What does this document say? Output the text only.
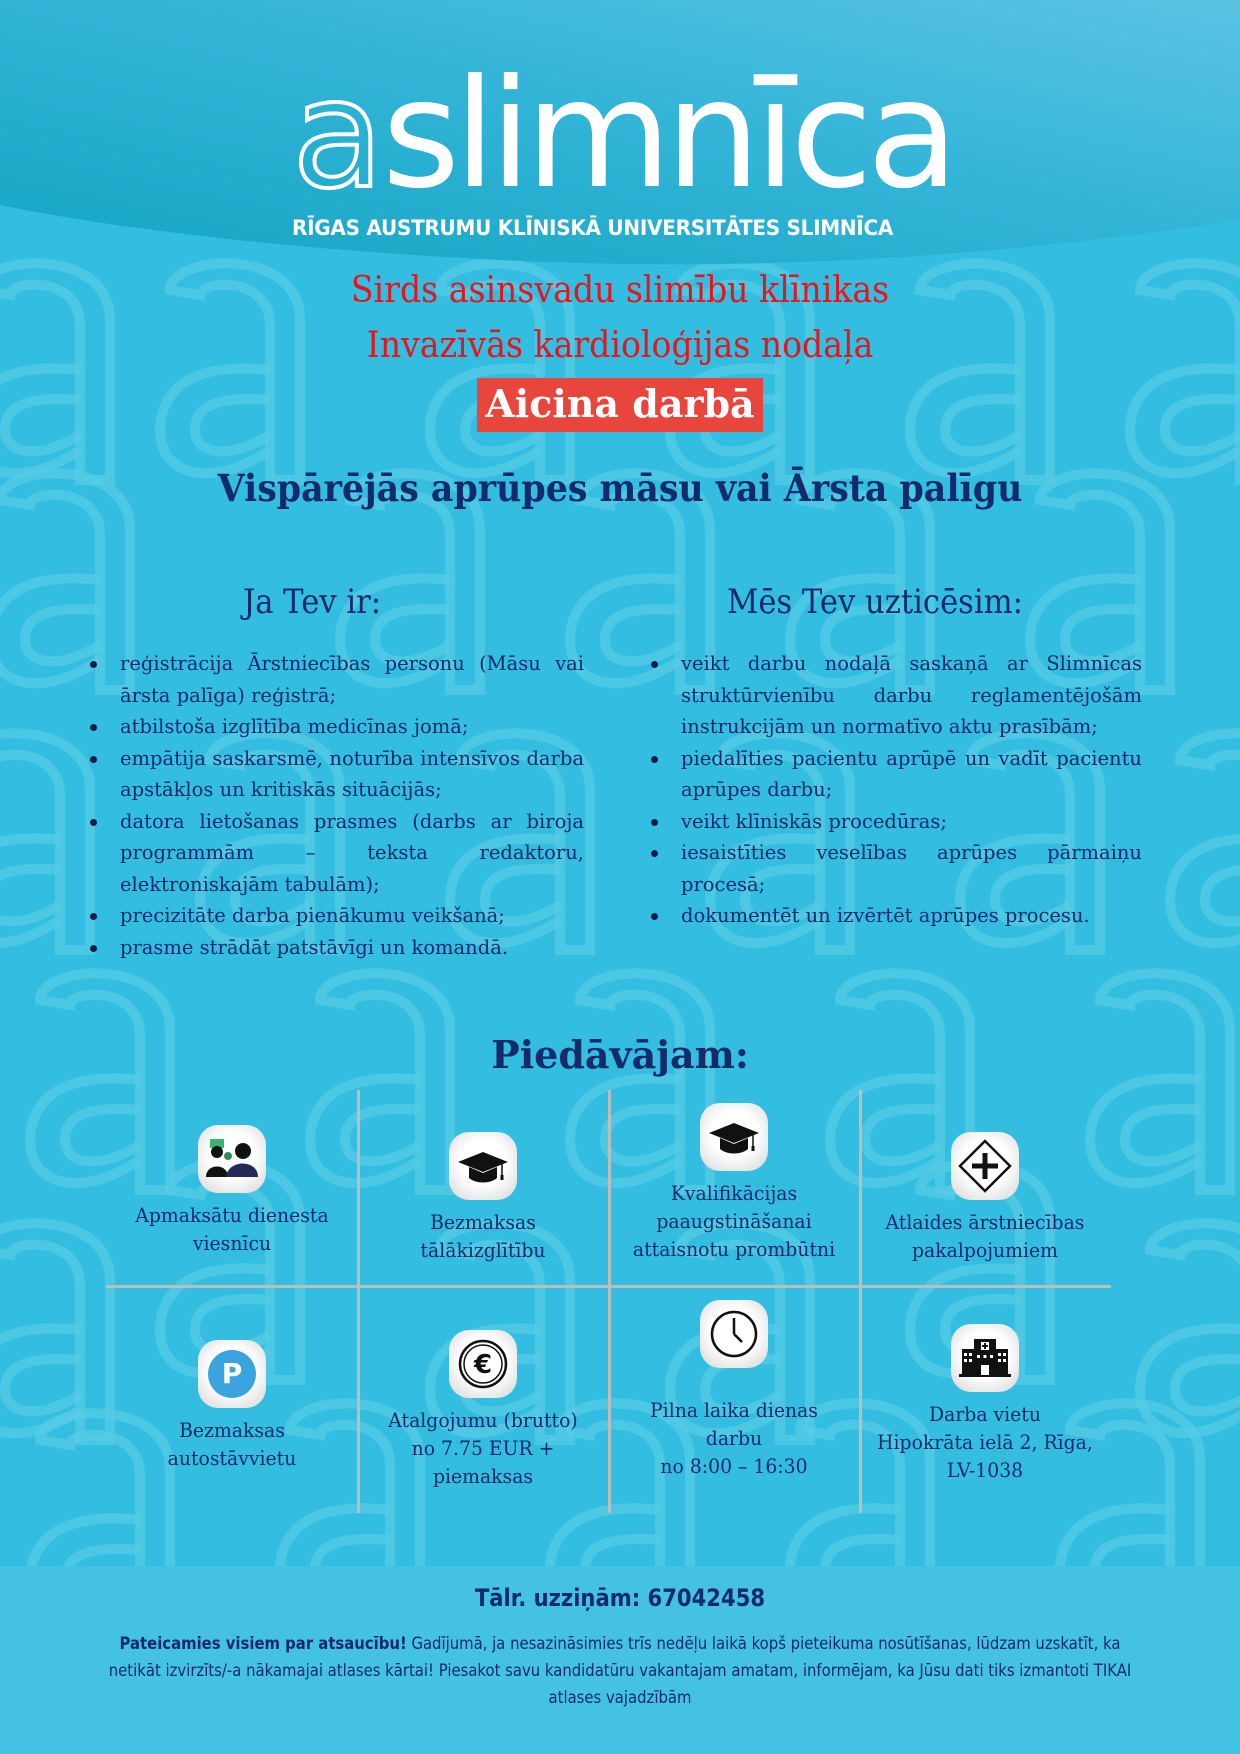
aslimnīca
RĪGAS AUSTRUMU KLĪNISKĀ UNIVERSITĀTES SLIMNĪCA
Sirds asinsvadu slimību klīnikas
Invazīvās kardioloģijas nodaļa
Aicina darbā
Vispārējās aprūpes māsu vai Ārsta palīgu
Ja Tev ir:
reģistrācija Ārstniecības personu (Māsu vai ārsta palīga) reģistrā;
atbilstoša izglītība medicīnas jomā;
empātija saskarsmē, noturība intensīvos darba apstākļos un kritiskās situācijās;
datora lietošanas prasmes (darbs ar biroja programmām – teksta redaktoru, elektroniskajām tabulām);
precizitāte darba pienākumu veikšanā;
prasme strādāt patstāvīgi un komandā.
Mēs Tev uzticēsim:
veikt darbu nodaļā saskaņā ar Slimnīcas struktūrvienību darbu reglamentējošām instrukcijām un normatīvo aktu prasībām;
piedalīties pacientu aprūpē un vadīt pacientu aprūpes darbu;
veikt klīniskās procedūras;
iesaistīties veselības aprūpes pārmaiņu procesā;
dokumentēt un izvērtēt aprūpes procesu.
Piedāvājam:
Apmaksātu dienesta
viesnīcu
Bezmaksas
tālākizglītību
Kvalifikācijas
paaugstināšanai
attaisnotu prombūtni
Atlaides ārstniecības
pakalpojumiem
P
Bezmaksas
autostāvvietu
€
Atalgojumu (brutto)
no 7.75 EUR +
piemaksas
Pilna laika dienas
darbu
no 8:00 – 16:30
Darba vietu
Hipokrāta ielā 2, Rīga,
LV-1038
Tālr. uzziņām: 67042458
Pateicamies visiem par atsaucību! Gadījumā, ja nesazināsimies trīs nedēļu laikā kopš pieteikuma nosūtīšanas, lūdzam uzskatīt, ka netikāt izvirzīts/-a nākamajai atlases kārtai! Piesakot savu kandidatūru vakantajam amatam, informējam, ka Jūsu dati tiks izmantoti TIKAI atlases vajadzībām
